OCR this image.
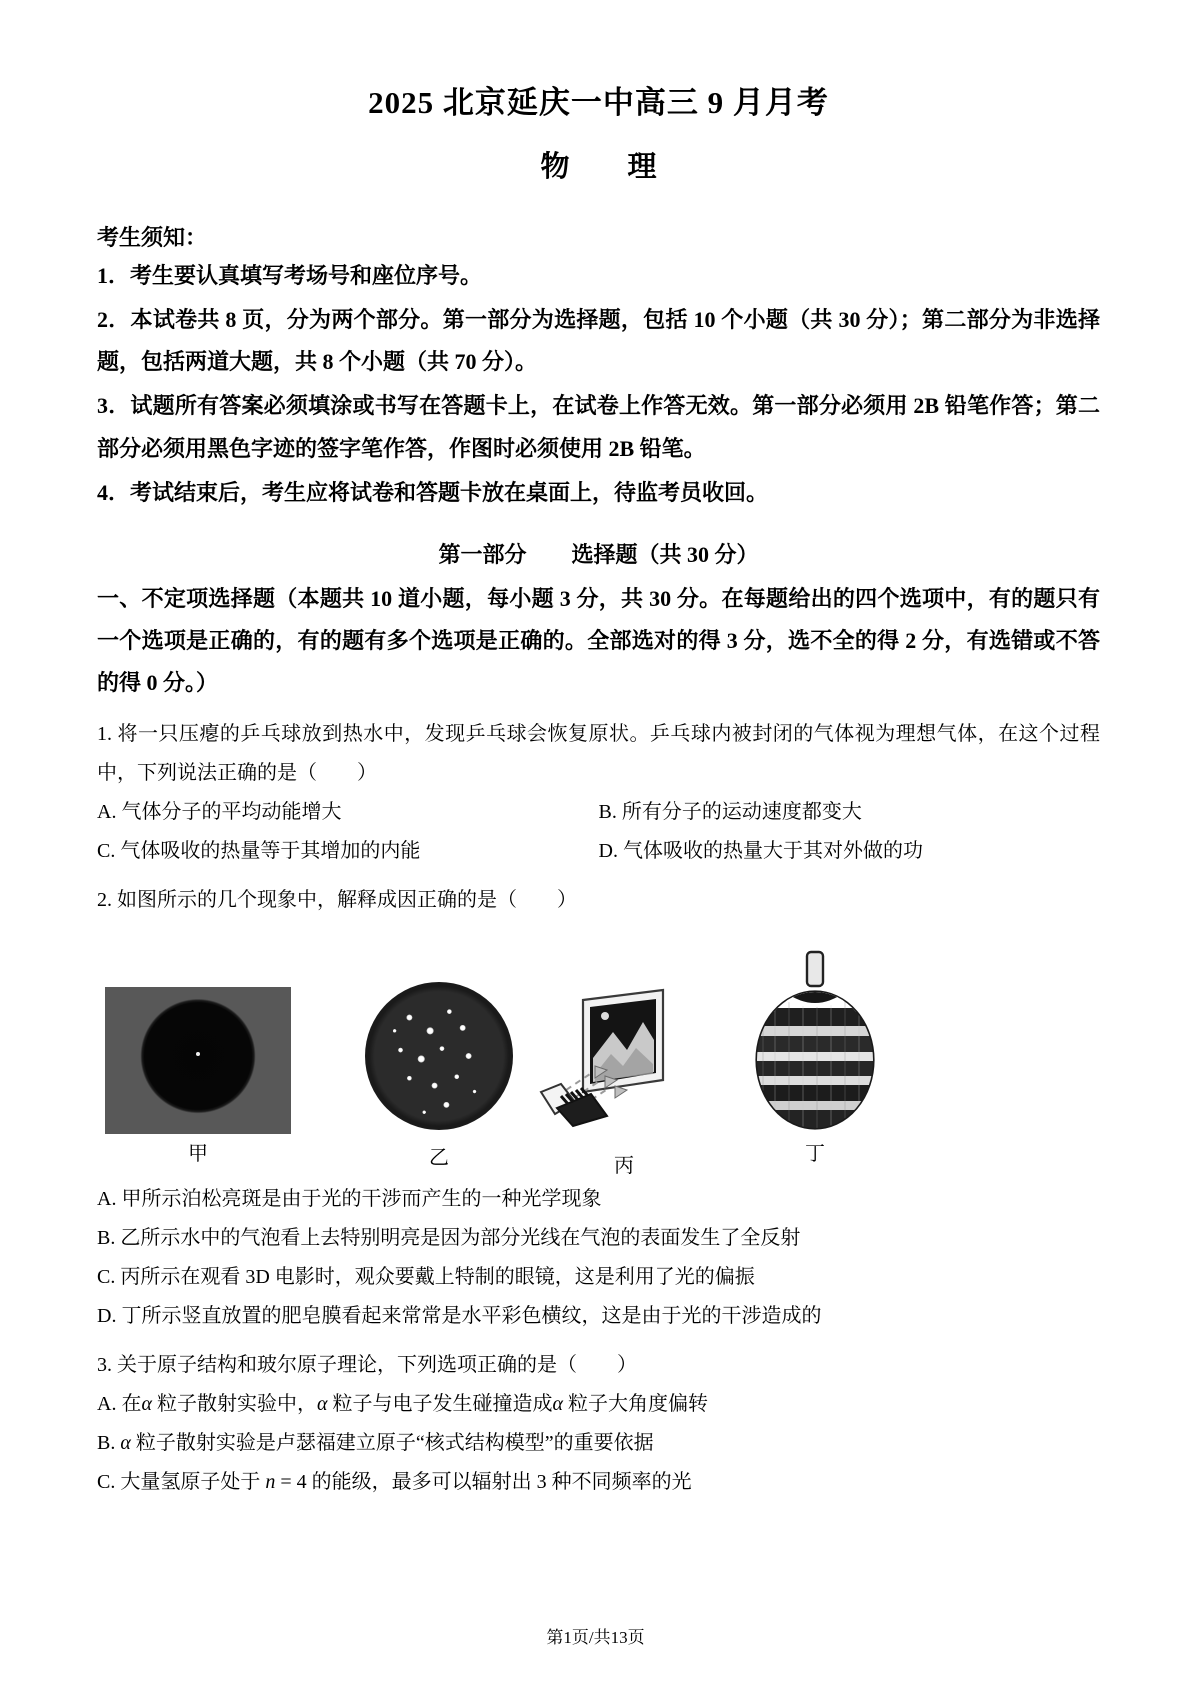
2025 北京延庆一中高三 9 月月考
物　　理
考生须知：
1．考生要认真填写考场号和座位序号。
2．本试卷共 8 页，分为两个部分。第一部分为选择题，包括 10 个小题（共 30 分）；第二部分为非选择题，包括两道大题，共 8 个小题（共 70 分）。
3．试题所有答案必须填涂或书写在答题卡上，在试卷上作答无效。第一部分必须用 2B 铅笔作答；第二部分必须用黑色字迹的签字笔作答，作图时必须使用 2B 铅笔。
4．考试结束后，考生应将试卷和答题卡放在桌面上，待监考员收回。
第一部分 选择题（共 30 分）
一、不定项选择题（本题共 10 道小题，每小题 3 分，共 30 分。在每题给出的四个选项中，有的题只有一个选项是正确的，有的题有多个选项是正确的。全部选对的得 3 分，选不全的得 2 分，有选错或不答的得 0 分。）
1. 将一只压瘪的乒乓球放到热水中，发现乒乓球会恢复原状。乒乓球内被封闭的气体视为理想气体，在这个过程中，下列说法正确的是（　　）
A. 气体分子的平均动能增大	B. 所有分子的运动速度都变大
C. 气体吸收的热量等于其增加的内能	D. 气体吸收的热量大于其对外做的功
2. 如图所示的几个现象中，解释成因正确的是（　　）
甲	乙	丙
丁
A. 甲所示泊松亮斑是由于光的干涉而产生的一种光学现象
B. 乙所示水中的气泡看上去特别明亮是因为部分光线在气泡的表面发生了全反射
C. 丙所示在观看 3D 电影时，观众要戴上特制的眼镜，这是利用了光的偏振
D. 丁所示竖直放置的肥皂膜看起来常常是水平彩色横纹，这是由于光的干涉造成的
3. 关于原子结构和玻尔原子理论，下列选项正确的是（　　）
A. 在α 粒子散射实验中，α 粒子与电子发生碰撞造成α 粒子大角度偏转
B. α 粒子散射实验是卢瑟福建立原子“核式结构模型”的重要依据
C. 大量氢原子处于 n = 4 的能级，最多可以辐射出 3 种不同频率的光
第1页/共13页
